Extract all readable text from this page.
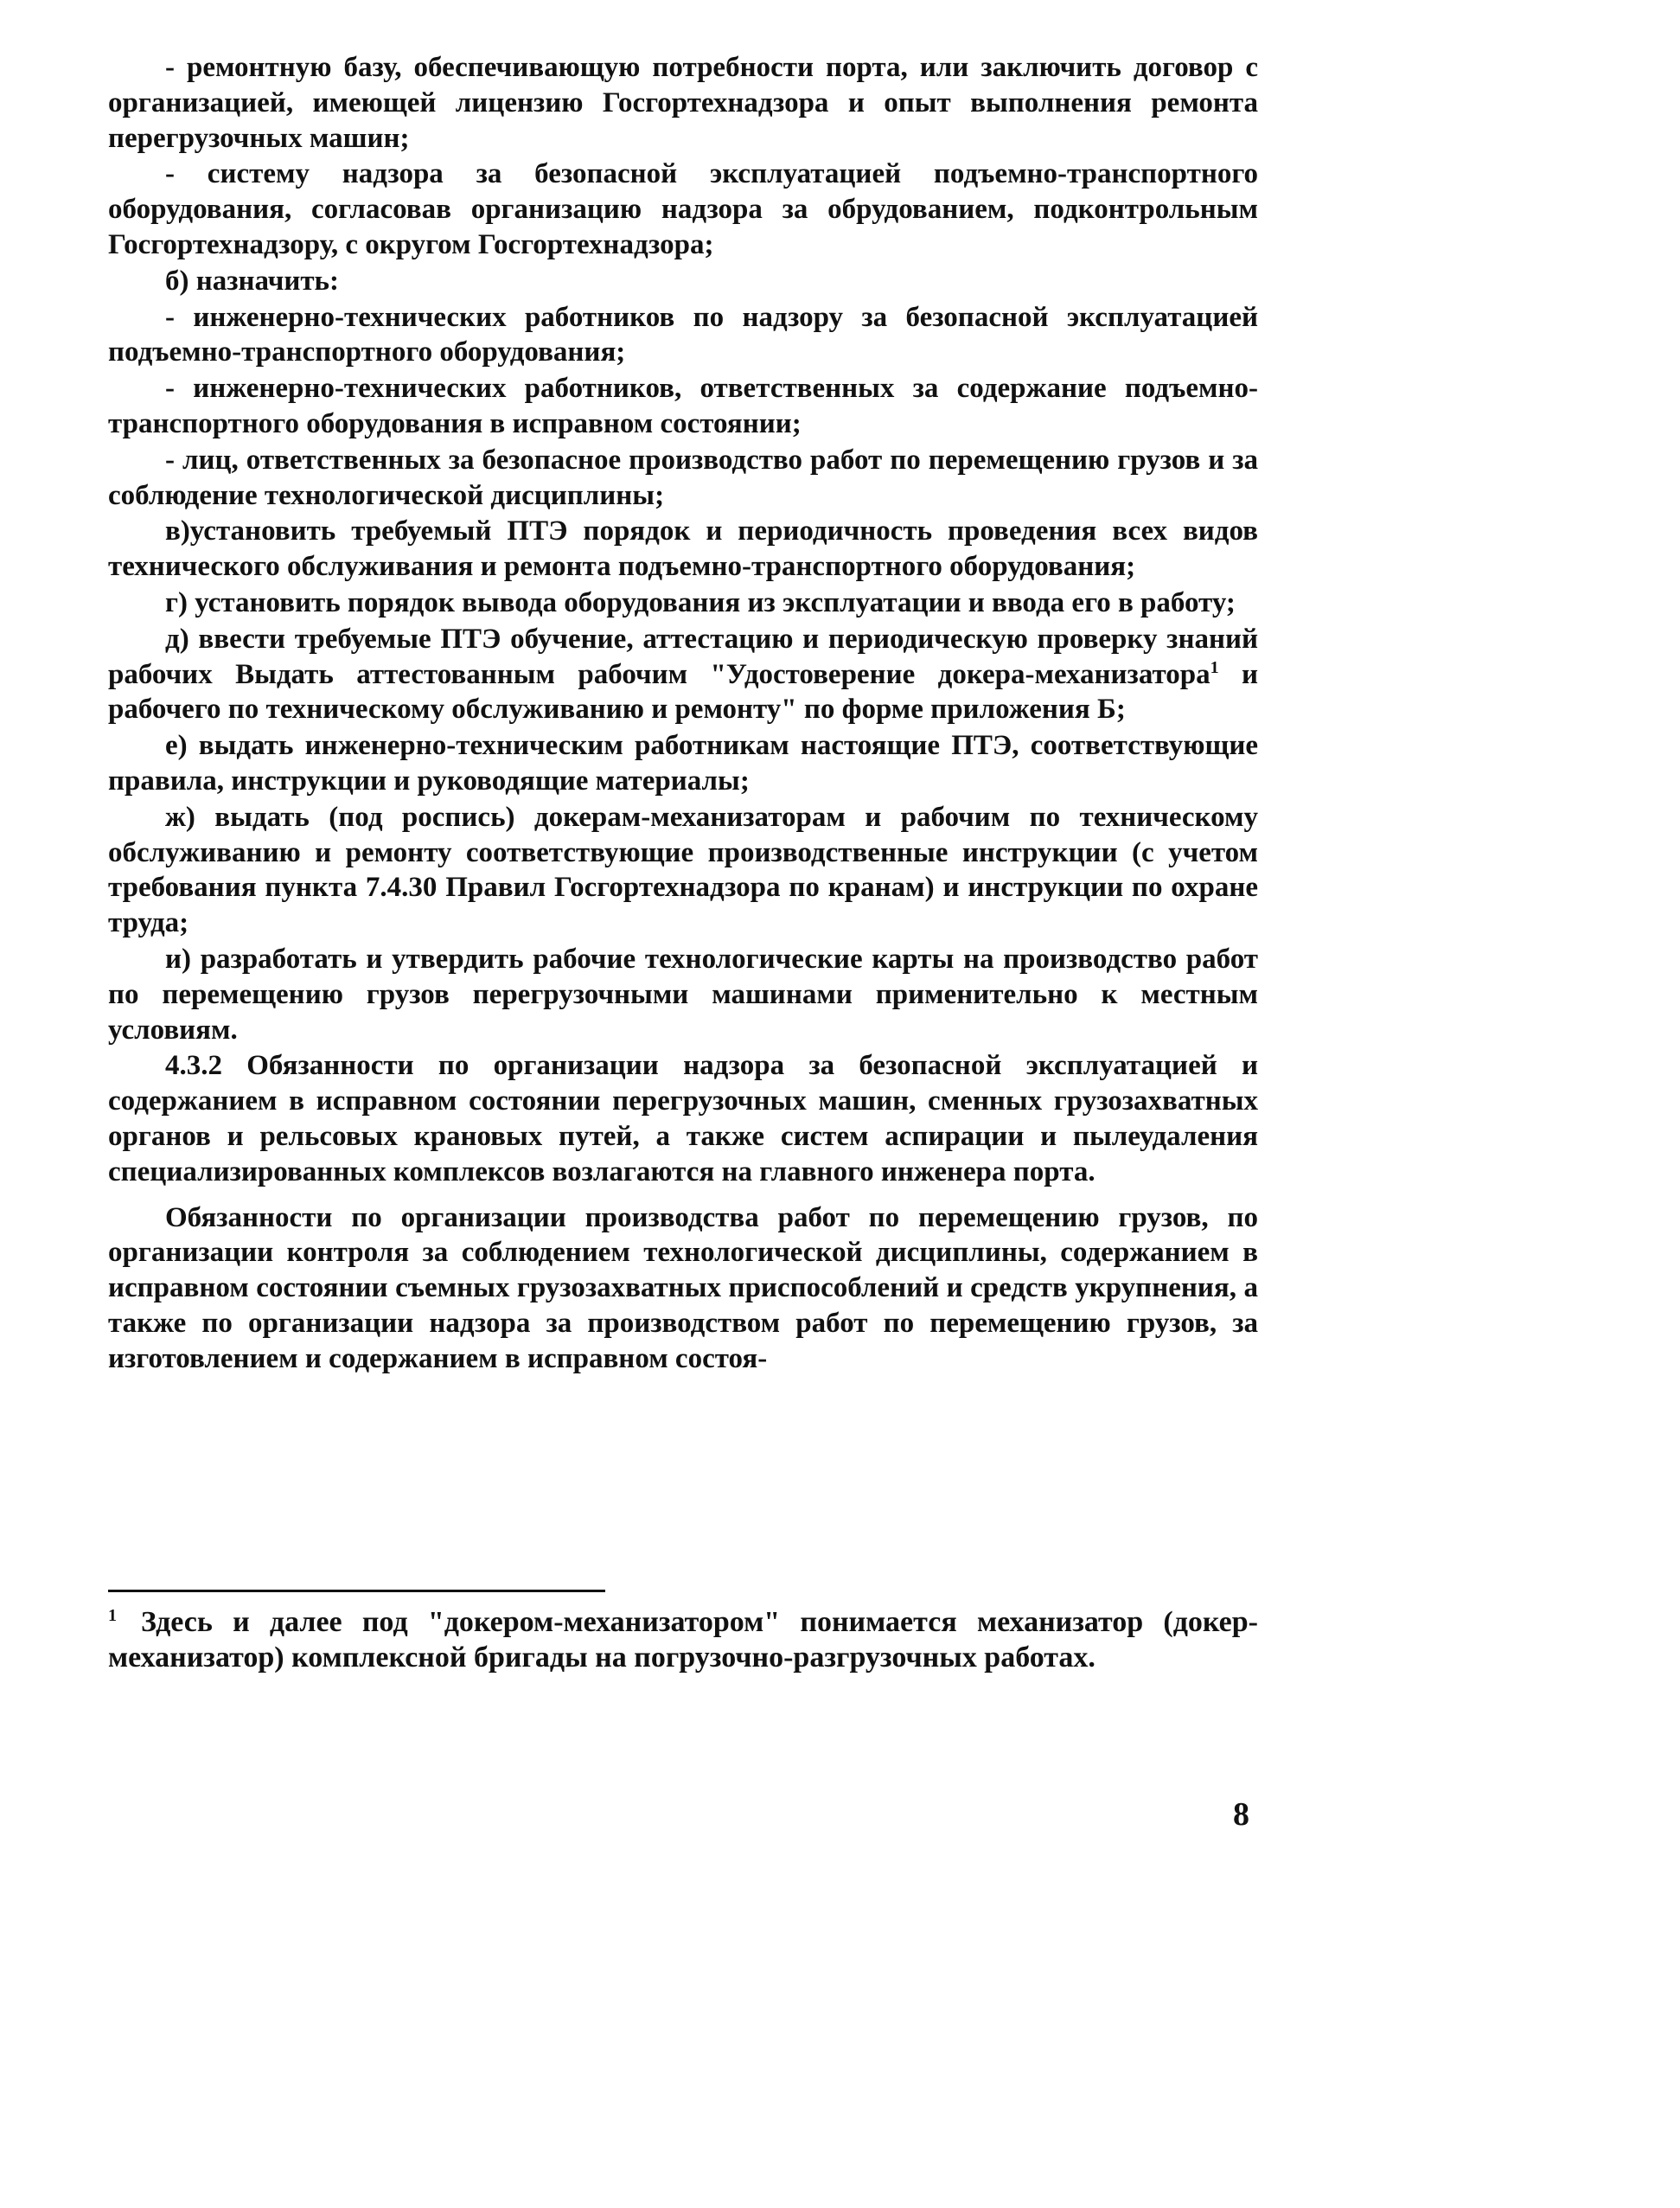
- ремонтную базу, обеспечивающую потребности порта, или заключить договор с организацией, имеющей лицензию Госгортехнадзора и опыт выполнения ремонта перегрузочных машин;

- систему надзора за безопасной эксплуатацией подъемно-транспортного оборудования, согласовав организацию надзора за обрудованием, подконтрольным Госгортехнадзору, с округом Госгортехнадзора;

б) назначить:

- инженерно-технических работников по надзору за безопасной эксплуатацией подъемно-транспортного оборудования;

- инженерно-технических работников, ответственных за содержание подъемно-транспортного оборудования в исправном состоянии;

- лиц, ответственных за безопасное производство работ по перемещению грузов и за соблюдение технологической дисциплины;

в)установить требуемый ПТЭ порядок и периодичность проведения всех видов технического обслуживания и ремонта подъемно-транспортного оборудования;

г) установить порядок вывода оборудования из эксплуатации и ввода его в работу;

д) ввести требуемые ПТЭ обучение, аттестацию и периодическую проверку знаний рабочих Выдать аттестованным рабочим "Удостоверение докера-механизатора$^1$ и рабочего по техническому обслуживанию и ремонту" по форме приложения Б;

е) выдать инженерно-техническим работникам настоящие ПТЭ, соответствующие правила, инструкции и руководящие материалы;

ж) выдать (под роспись) докерам-механизаторам и рабочим по техническому обслуживанию и ремонту соответствующие производственные инструкции (с учетом требования пункта 7.4.30 Правил Госгортехнадзора по кранам) и инструкции по охране труда;

и) разработать и утвердить рабочие технологические карты на производство работ по перемещению грузов перегрузочными машинами применительно к местным условиям.

4.3.2 Обязанности по организации надзора за безопасной эксплуатацией и содержанием в исправном состоянии перегрузочных машин, сменных грузозахватных органов и рельсовых крановых путей, а также систем аспирации и пылеудаления специализированных комплексов возлагаются на главного инженера порта.

Обязанности по организации производства работ по перемещению грузов, по организации контроля за соблюдением технологической дисциплины, содержанием в исправном состоянии съемных грузозахватных приспособлений и средств укрупнения, а также по организации надзора за производством работ по перемещению грузов, за изготовлением и содержанием в исправном состоя-

$^1$ Здесь и далее под "докером-механизатором" понимается механизатор (докер-механизатор) комплексной бригады на погрузочно-разгрузочных работах.
8
